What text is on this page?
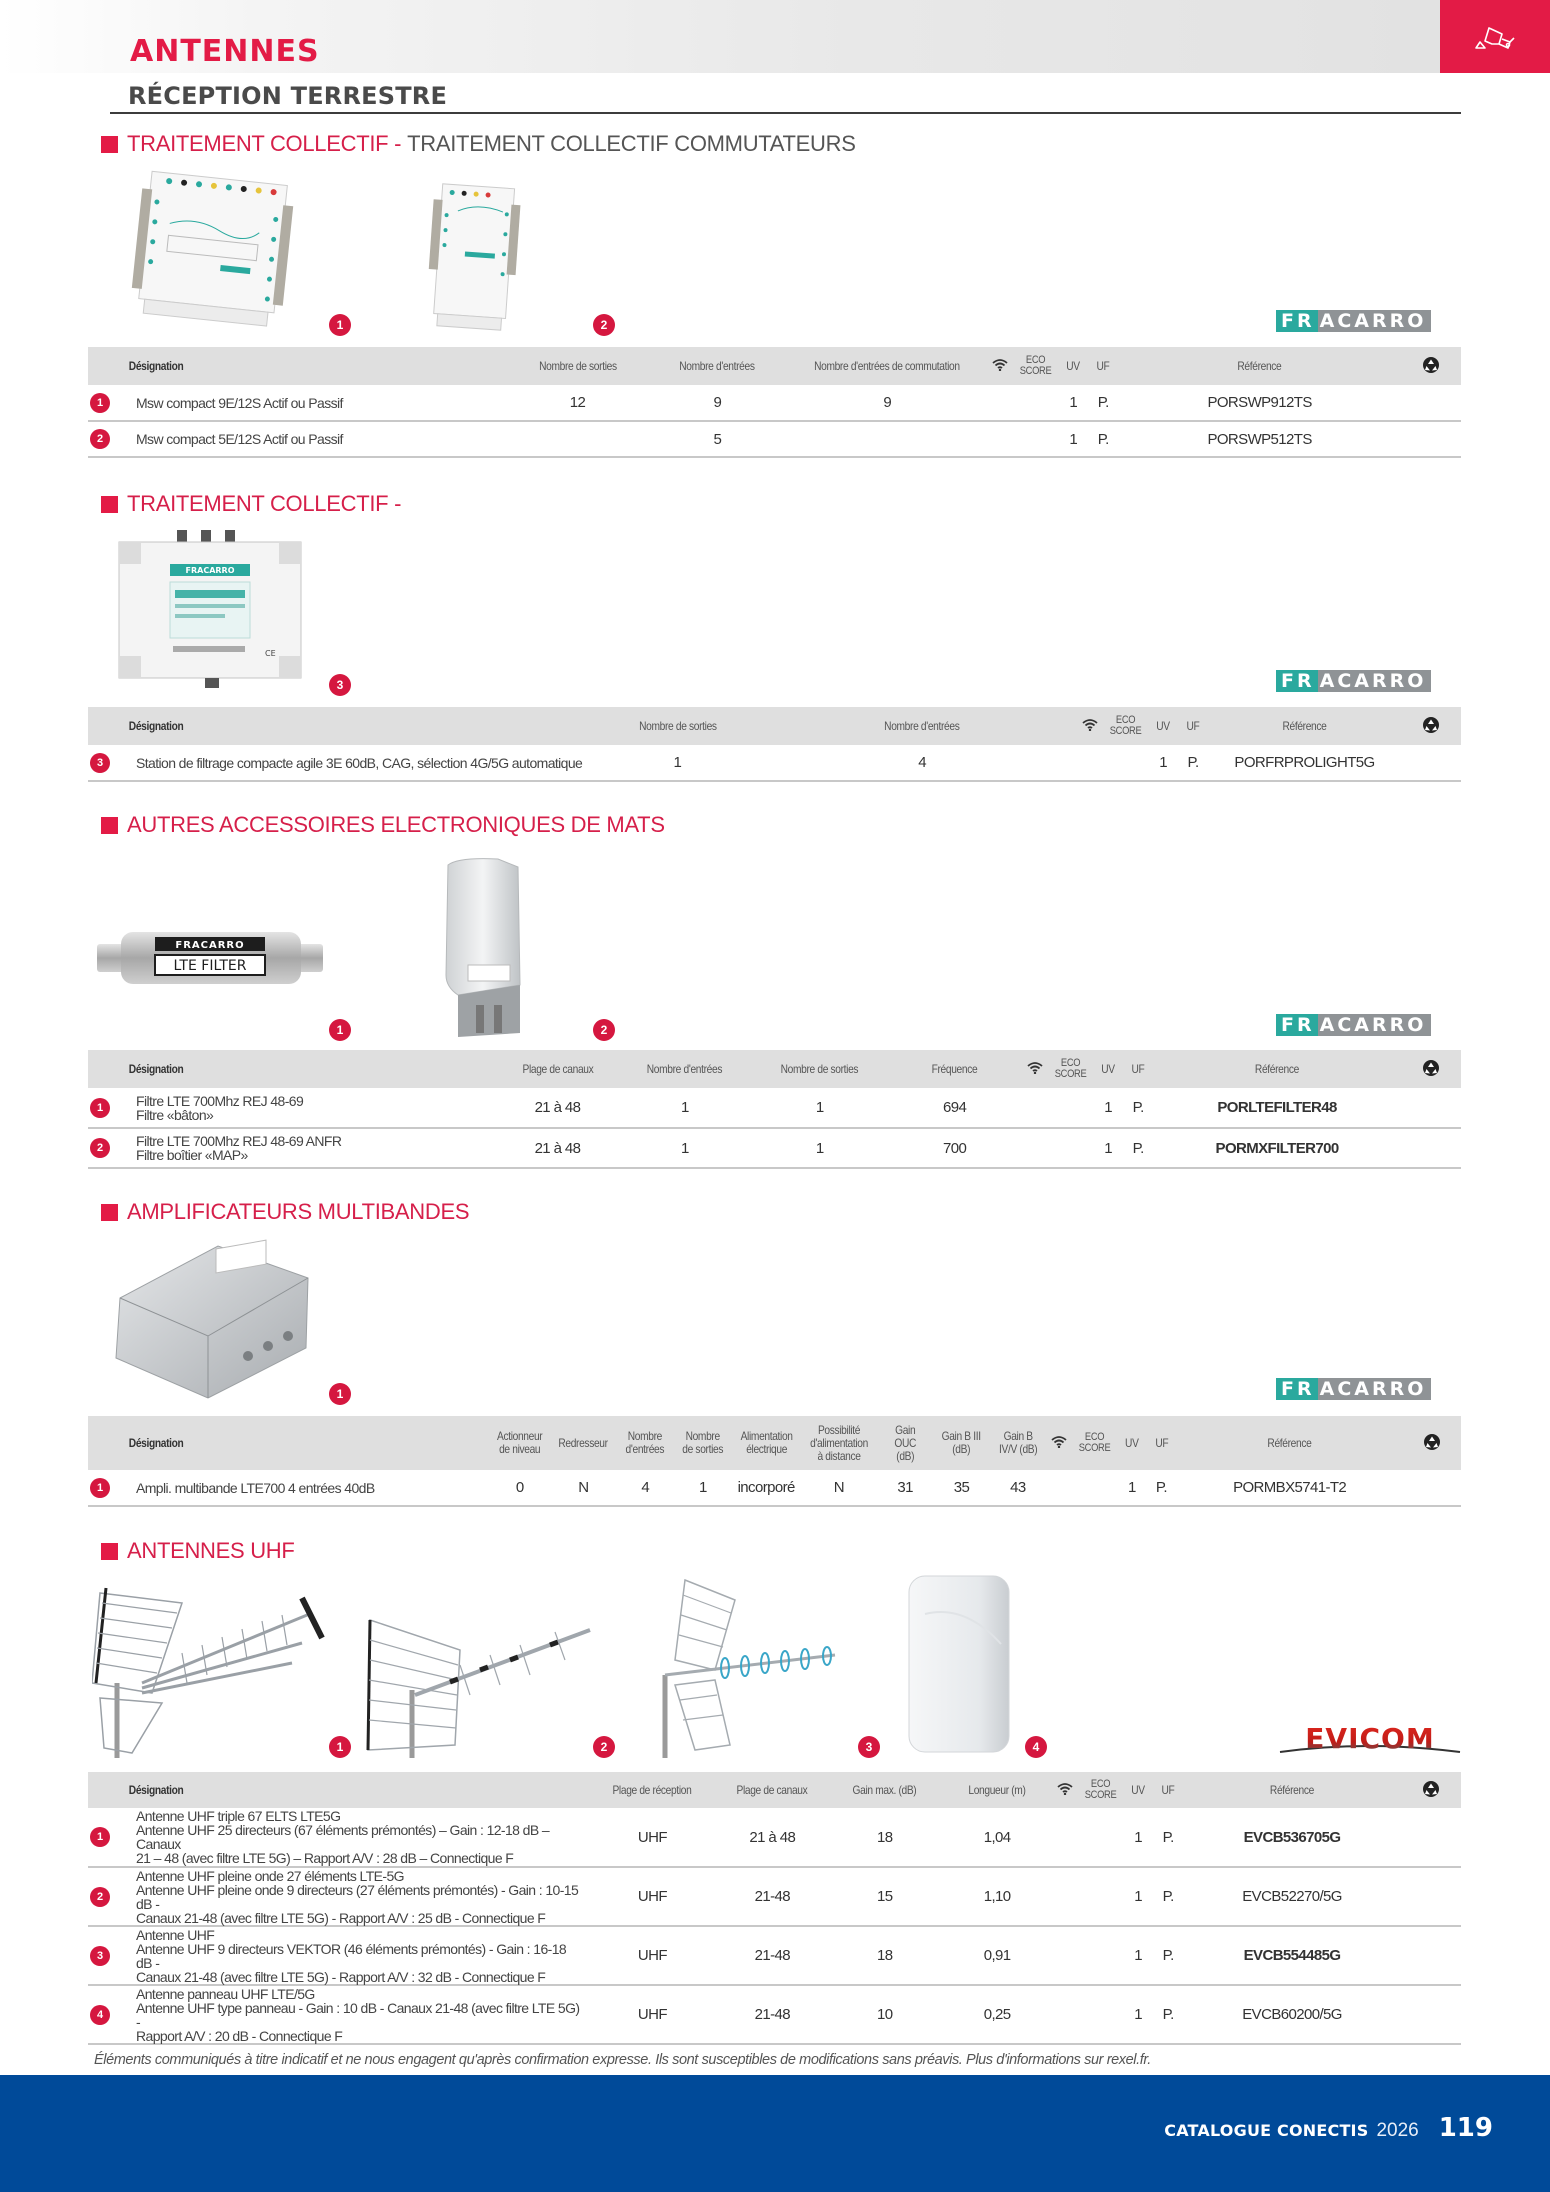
ANTENNES
RÉCEPTION TERRESTRE
TRAITEMENT COLLECTIF - TRAITEMENT COLLECTIF COMMUTATEURS
1	2	FR ACARRO
Désignation	Nombre de sorties	Nombre d'entrées	Nombre d'entrées de commutation		ECO
SCORE	UV	UF	Référence	

1 Msw compact 9E/12S Actif ou Passif	12	9	9			1	P.	PORSWP912TS	

2 Msw compact 5E/12S Actif ou Passif		5				1	P.	PORSWP512TS	
TRAITEMENT COLLECTIF -
FRACARRO
CE
3	FR ACARRO
Désignation	Nombre de sorties	Nombre d'entrées		ECO
SCORE	UV	UF	Référence	

3 Station de filtrage compacte agile 3E 60dB, CAG, sélection 4G/5G automatique	1	4			1	P.	PORFRPROLIGHT5G	
AUTRES ACCESSOIRES ELECTRONIQUES DE MATS
FRACARRO
LTE FILTER
1	2	FR ACARRO
Désignation	Plage de canaux	Nombre d'entrées	Nombre de sorties	Fréquence		ECO
SCORE	UV	UF	Référence	

1 Filtre LTE 700Mhz REJ 48-69
Filtre «bâton»	21 à 48	1	1	694			1	P.	PORLTEFILTER48	

2 Filtre LTE 700Mhz REJ 48-69 ANFR
Filtre boîtier «MAP»	21 à 48	1	1	700			1	P.	PORMXFILTER700	
AMPLIFICATEURS MULTIBANDES
1	FR ACARRO
Désignation	Actionneur de niveau	Redresseur	Nombre d'entrées	Nombre de sorties	Alimentation électrique	Possibilité d'alimentation à distance	Gain OUC (dB)	Gain B III (dB)	Gain B IV/V (dB)		ECO
SCORE	UV	UF	Référence	

1 Ampli. multibande LTE700 4 entrées 40dB	0	N	4	1	incorporé	N	31	35	43			1	P.	PORMBX5741-T2	
ANTENNES UHF
1	2	3	4	EVICOM
Désignation	Plage de réception	Plage de canaux	Gain max. (dB)	Longueur (m)		ECO
SCORE	UV	UF	Référence	

1
Antenne UHF triple 67 ELTS LTE5G
Antenne UHF 25 directeurs (67 éléments prémontés) – Gain : 12-18 dB – Canaux
21 – 48 (avec filtre LTE 5G) – Rapport A/V : 28 dB – Connectique F	UHF	21 à 48	18	1,04			1	P.	EVCB536705G	

2
Antenne UHF pleine onde 27 éléments LTE-5G
Antenne UHF pleine onde 9 directeurs (27 éléments prémontés) - Gain : 10-15 dB -
Canaux 21-48 (avec filtre LTE 5G) - Rapport A/V : 25 dB - Connectique F	UHF	21-48	15	1,10			1	P.	EVCB52270/5G	

3
Antenne UHF
Antenne UHF 9 directeurs VEKTOR (46 éléments prémontés) - Gain : 16-18 dB -
Canaux 21-48 (avec filtre LTE 5G) - Rapport A/V : 32 dB - Connectique F	UHF	21-48	18	0,91			1	P.	EVCB554485G	

4
Antenne panneau UHF LTE/5G
Antenne UHF type panneau - Gain : 10 dB - Canaux 21-48 (avec filtre LTE 5G) -
Rapport A/V : 20 dB - Connectique F	UHF	21-48	10	0,25			1	P.	EVCB60200/5G	
Éléments communiqués à titre indicatif et ne nous engagent qu'après confirmation expresse. Ils sont susceptibles de modifications sans préavis. Plus d'informations sur rexel.fr.
CATALOGUE CONECTIS 2026 119
